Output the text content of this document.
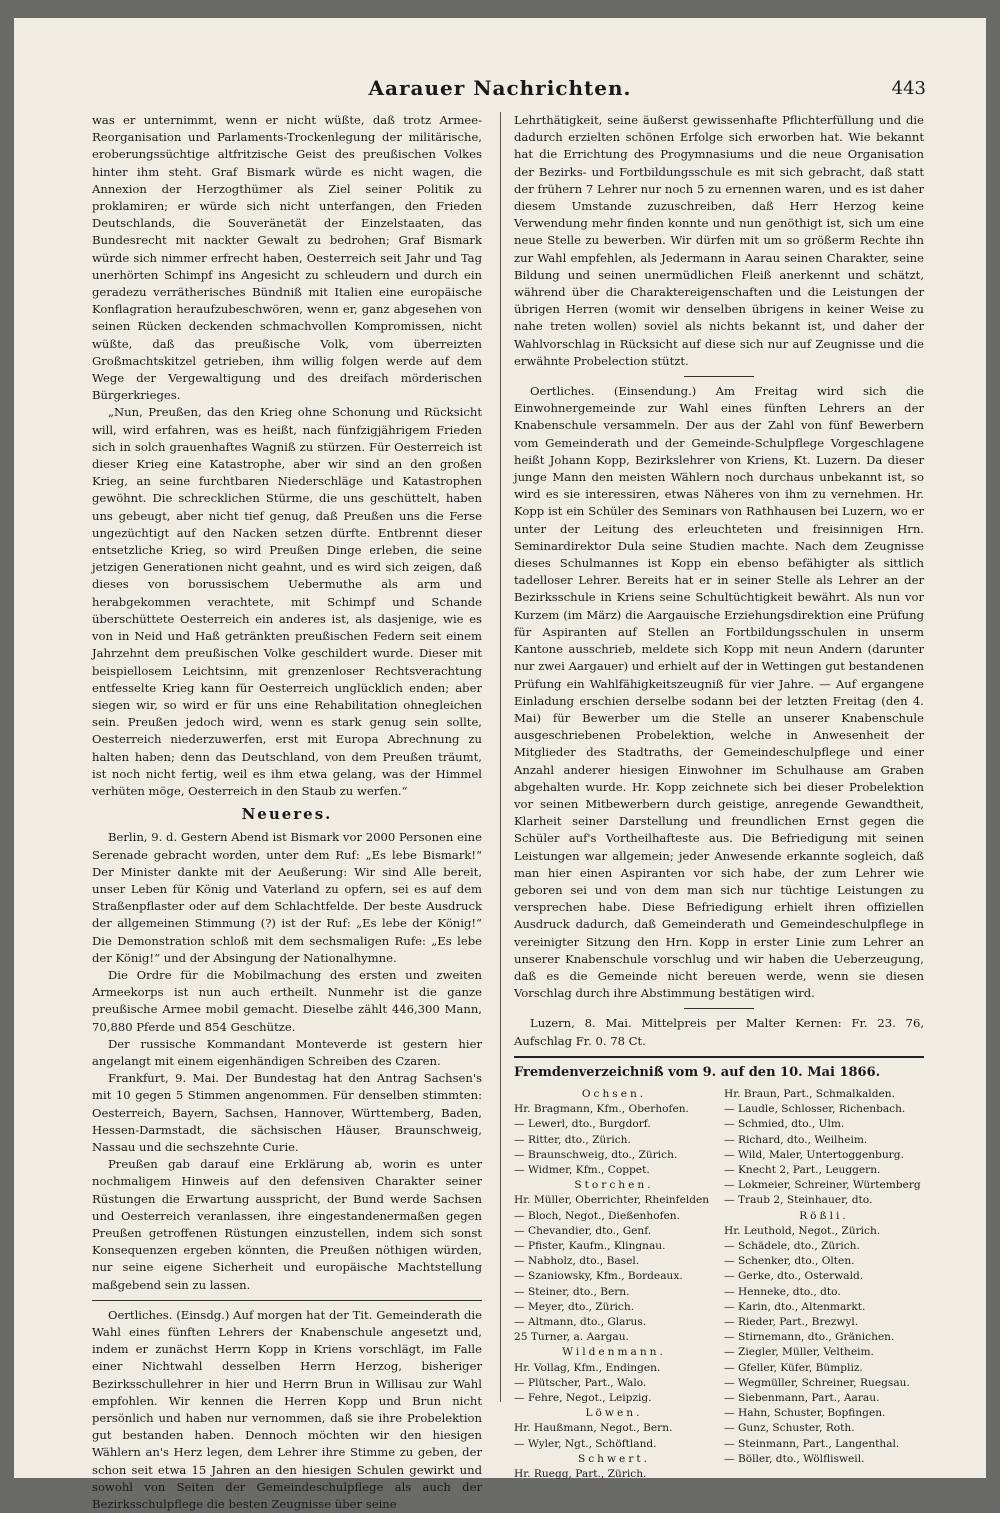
Aarauer Nachrichten.	443

was er unternimmt, wenn er nicht wüßte, daß trotz Armee-Reorganisation und Parlaments-Trockenlegung der militärische, eroberungssüchtige altfritzische Geist des preußischen Volkes hinter ihm steht. Graf Bismark würde es nicht wagen, die Annexion der Herzogthümer als Ziel seiner Politik zu proklamiren; er würde sich nicht unterfangen, den Frieden Deutschlands, die Souveränetät der Einzelstaaten, das Bundesrecht mit nackter Gewalt zu bedrohen; Graf Bismark würde sich nimmer erfrecht haben, Oesterreich seit Jahr und Tag unerhörten Schimpf ins Angesicht zu schleudern und durch ein geradezu verrätherisches Bündniß mit Italien eine europäische Konflagration heraufzubeschwören, wenn er, ganz abgesehen von seinen Rücken deckenden schmachvollen Kompromissen, nicht wüßte, daß das preußische Volk, vom überreizten Großmachtskitzel getrieben, ihm willig folgen werde auf dem Wege der Vergewaltigung und des dreifach mörderischen Bürgerkrieges.

„Nun, Preußen, das den Krieg ohne Schonung und Rücksicht will, wird erfahren, was es heißt, nach fünfzigjährigem Frieden sich in solch grauenhaftes Wagniß zu stürzen. Für Oesterreich ist dieser Krieg eine Katastrophe, aber wir sind an den großen Krieg, an seine furchtbaren Niederschläge und Katastrophen gewöhnt. Die schrecklichen Stürme, die uns geschüttelt, haben uns gebeugt, aber nicht tief genug, daß Preußen uns die Ferse ungezüchtigt auf den Nacken setzen dürfte. Entbrennt dieser entsetzliche Krieg, so wird Preußen Dinge erleben, die seine jetzigen Generationen nicht geahnt, und es wird sich zeigen, daß dieses von borussischem Uebermuthe als arm und herabgekommen verachtete, mit Schimpf und Schande überschüttete Oesterreich ein anderes ist, als dasjenige, wie es von in Neid und Haß getränkten preußischen Federn seit einem Jahrzehnt dem preußischen Volke geschildert wurde. Dieser mit beispiellosem Leichtsinn, mit grenzenloser Rechtsverachtung entfesselte Krieg kann für Oesterreich unglücklich enden; aber siegen wir, so wird er für uns eine Rehabilitation ohnegleichen sein. Preußen jedoch wird, wenn es stark genug sein sollte, Oesterreich niederzuwerfen, erst mit Europa Abrechnung zu halten haben; denn das Deutschland, von dem Preußen träumt, ist noch nicht fertig, weil es ihm etwa gelang, was der Himmel verhüten möge, Oesterreich in den Staub zu werfen.“

Neueres.

Berlin, 9. d. Gestern Abend ist Bismark vor 2000 Personen eine Serenade gebracht worden, unter dem Ruf: „Es lebe Bismark!“ Der Minister dankte mit der Aeußerung: Wir sind Alle bereit, unser Leben für König und Vaterland zu opfern, sei es auf dem Straßenpflaster oder auf dem Schlachtfelde. Der beste Ausdruck der allgemeinen Stimmung (?) ist der Ruf: „Es lebe der König!“ Die Demonstration schloß mit dem sechsmaligen Rufe: „Es lebe der König!“ und der Absingung der Nationalhymne.

Die Ordre für die Mobilmachung des ersten und zweiten Armeekorps ist nun auch ertheilt. Nunmehr ist die ganze preußische Armee mobil gemacht. Dieselbe zählt 446,300 Mann, 70,880 Pferde und 854 Geschütze.

Der russische Kommandant Monteverde ist gestern hier angelangt mit einem eigenhändigen Schreiben des Czaren.

Frankfurt, 9. Mai. Der Bundestag hat den Antrag Sachsen's mit 10 gegen 5 Stimmen angenommen. Für denselben stimmten: Oesterreich, Bayern, Sachsen, Hannover, Württemberg, Baden, Hessen-Darmstadt, die sächsischen Häuser, Braunschweig, Nassau und die sechszehnte Curie.

Preußen gab darauf eine Erklärung ab, worin es unter nochmaligem Hinweis auf den defensiven Charakter seiner Rüstungen die Erwartung ausspricht, der Bund werde Sachsen und Oesterreich veranlassen, ihre eingestandenermaßen gegen Preußen getroffenen Rüstungen einzustellen, indem sich sonst Konsequenzen ergeben könnten, die Preußen nöthigen würden, nur seine eigene Sicherheit und europäische Machtstellung maßgebend sein zu lassen.

Oertliches. (Einsdg.) Auf morgen hat der Tit. Gemeinderath die Wahl eines fünften Lehrers der Knabenschule angesetzt und, indem er zunächst Herrn Kopp in Kriens vorschlägt, im Falle einer Nichtwahl desselben Herrn Herzog, bisheriger Bezirksschullehrer in hier und Herrn Brun in Willisau zur Wahl empfohlen. Wir kennen die Herren Kopp und Brun nicht persönlich und haben nur vernommen, daß sie ihre Probelektion gut bestanden haben. Dennoch möchten wir den hiesigen Wählern an's Herz legen, dem Lehrer ihre Stimme zu geben, der schon seit etwa 15 Jahren an den hiesigen Schulen gewirkt und sowohl von Seiten der Gemeindeschulpflege als auch der Bezirksschulpflege die besten Zeugnisse über seine

Lehrthätigkeit, seine äußerst gewissenhafte Pflichterfüllung und die dadurch erzielten schönen Erfolge sich erworben hat. Wie bekannt hat die Errichtung des Progymnasiums und die neue Organisation der Bezirks- und Fortbildungsschule es mit sich gebracht, daß statt der frühern 7 Lehrer nur noch 5 zu ernennen waren, und es ist daher diesem Umstande zuzuschreiben, daß Herr Herzog keine Verwendung mehr finden konnte und nun genöthigt ist, sich um eine neue Stelle zu bewerben. Wir dürfen mit um so größerm Rechte ihn zur Wahl empfehlen, als Jedermann in Aarau seinen Charakter, seine Bildung und seinen unermüdlichen Fleiß anerkennt und schätzt, während über die Charaktereigenschaften und die Leistungen der übrigen Herren (womit wir denselben übrigens in keiner Weise zu nahe treten wollen) soviel als nichts bekannt ist, und daher der Wahlvorschlag in Rücksicht auf diese sich nur auf Zeugnisse und die erwähnte Probelection stützt.

Oertliches. (Einsendung.) Am Freitag wird sich die Einwohnergemeinde zur Wahl eines fünften Lehrers an der Knabenschule versammeln. Der aus der Zahl von fünf Bewerbern vom Gemeinderath und der Gemeinde-Schulpflege Vorgeschlagene heißt Johann Kopp, Bezirkslehrer von Kriens, Kt. Luzern. Da dieser junge Mann den meisten Wählern noch durchaus unbekannt ist, so wird es sie interessiren, etwas Näheres von ihm zu vernehmen. Hr. Kopp ist ein Schüler des Seminars von Rathhausen bei Luzern, wo er unter der Leitung des erleuchteten und freisinnigen Hrn. Seminardirektor Dula seine Studien machte. Nach dem Zeugnisse dieses Schulmannes ist Kopp ein ebenso befähigter als sittlich tadelloser Lehrer. Bereits hat er in seiner Stelle als Lehrer an der Bezirksschule in Kriens seine Schultüchtigkeit bewährt. Als nun vor Kurzem (im März) die Aargauische Erziehungsdirektion eine Prüfung für Aspiranten auf Stellen an Fortbildungsschulen in unserm Kantone ausschrieb, meldete sich Kopp mit neun Andern (darunter nur zwei Aargauer) und erhielt auf der in Wettingen gut bestandenen Prüfung ein Wahlfähigkeitszeugniß für vier Jahre. — Auf ergangene Einladung erschien derselbe sodann bei der letzten Freitag (den 4. Mai) für Bewerber um die Stelle an unserer Knabenschule ausgeschriebenen Probelektion, welche in Anwesenheit der Mitglieder des Stadtraths, der Gemeindeschulpflege und einer Anzahl anderer hiesigen Einwohner im Schulhause am Graben abgehalten wurde. Hr. Kopp zeichnete sich bei dieser Probelektion vor seinen Mitbewerbern durch geistige, anregende Gewandtheit, Klarheit seiner Darstellung und freundlichen Ernst gegen die Schüler auf's Vortheilhafteste aus. Die Befriedigung mit seinen Leistungen war allgemein; jeder Anwesende erkannte sogleich, daß man hier einen Aspiranten vor sich habe, der zum Lehrer wie geboren sei und von dem man sich nur tüchtige Leistungen zu versprechen habe. Diese Befriedigung erhielt ihren offiziellen Ausdruck dadurch, daß Gemeinderath und Gemeindeschulpflege in vereinigter Sitzung den Hrn. Kopp in erster Linie zum Lehrer an unserer Knabenschule vorschlug und wir haben die Ueberzeugung, daß es die Gemeinde nicht bereuen werde, wenn sie diesen Vorschlag durch ihre Abstimmung bestätigen wird.

Luzern, 8. Mai. Mittelpreis per Malter Kernen: Fr. 23. 76, Aufschlag Fr. 0. 78 Ct.

Fremdenverzeichniß vom 9. auf den 10. Mai 1866.
Ochsen.
Hr. Bragmann, Kfm., Oberhofen.
— Lewerl, dto., Burgdorf.
— Ritter, dto., Zürich.
— Braunschweig, dto., Zürich.
— Widmer, Kfm., Coppet.
Storchen.
Hr. Müller, Oberrichter, Rheinfelden
— Bloch, Negot., Dießenhofen.
— Chevandier, dto., Genf.
— Pfister, Kaufm., Klingnau.
— Nabholz, dto., Basel.
— Szaniowsky, Kfm., Bordeaux.
— Steiner, dto., Bern.
— Meyer, dto., Zürich.
— Altmann, dto., Glarus.
25 Turner, a. Aargau.
Wildenmann.
Hr. Vollag, Kfm., Endingen.
— Plütscher, Part., Walo.
— Fehre, Negot., Leipzig.
Löwen.
Hr. Haußmann, Negot., Bern.
— Wyler, Ngt., Schöftland.
Schwert.
Hr. Ruegg, Part., Zürich.
Hr. Braun, Part., Schmalkalden.
— Laudle, Schlosser, Richenbach.
— Schmied, dto., Ulm.
— Richard, dto., Weilheim.
— Wild, Maler, Untertoggenburg.
— Knecht 2, Part., Leuggern.
— Lokmeier, Schreiner, Würtemberg
— Traub 2, Steinhauer, dto.
Rößli.
Hr. Leuthold, Negot., Zürich.
— Schädele, dto., Zürich.
— Schenker, dto., Olten.
— Gerke, dto., Osterwald.
— Henneke, dto., dto.
— Karin, dto., Altenmarkt.
— Rieder, Part., Brezwyl.
— Stirnemann, dto., Gränichen.
— Ziegler, Müller, Veltheim.
— Gfeller, Küfer, Bümpliz.
— Wegmüller, Schreiner, Ruegsau.
— Siebenmann, Part., Aarau.
— Hahn, Schuster, Bopfingen.
— Gunz, Schuster, Roth.
— Steinmann, Part., Langenthal.
— Böller, dto., Wölflisweil.
